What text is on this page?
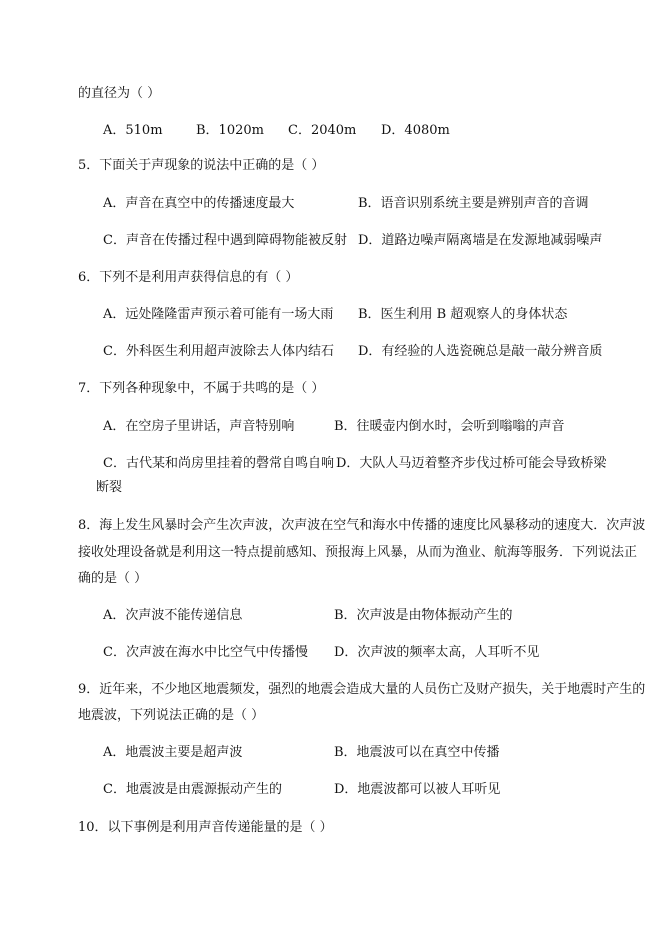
的直径为（ ）
A．510m	B．1020m C．2040m D．4080m
5．下面关于声现象的说法中正确的是（ ）
A．声音在真空中的传播速度最大	B．语音识别系统主要是辨别声音的音调
C．声音在传播过程中遇到障碍物能被反射 D．道路边噪声隔离墙是在发源地减弱噪声
6．下列不是利用声获得信息的有（ ）
A．远处隆隆雷声预示着可能有一场大雨 B．医生利用 B 超观察人的身体状态
C．外科医生利用超声波除去人体内结石 D．有经验的人选瓷碗总是敲一敲分辨音质
7．下列各种现象中，不属于共鸣的是（ ）
A．在空房子里讲话，声音特别响	B．往暖壶内倒水时，会听到嗡嗡的声音
C．古代某和尚房里挂着的磬常自鸣自响 D．大队人马迈着整齐步伐过桥可能会导致桥梁
断裂
8．海上发生风暴时会产生次声波，次声波在空气和海水中传播的速度比风暴移动的速度大．次声波
接收处理设备就是利用这一特点提前感知、预报海上风暴，从而为渔业、航海等服务．下列说法正
确的是（ ）
A．次声波不能传递信息	B．次声波是由物体振动产生的
C．次声波在海水中比空气中传播慢 D．次声波的频率太高，人耳听不见
9．近年来，不少地区地震频发，强烈的地震会造成大量的人员伤亡及财产损失，关于地震时产生的
地震波，下列说法正确的是（ ）
A．地震波主要是超声波	B．地震波可以在真空中传播
C．地震波是由震源振动产生的	D．地震波都可以被人耳听见
10．以下事例是利用声音传递能量的是（ ）
